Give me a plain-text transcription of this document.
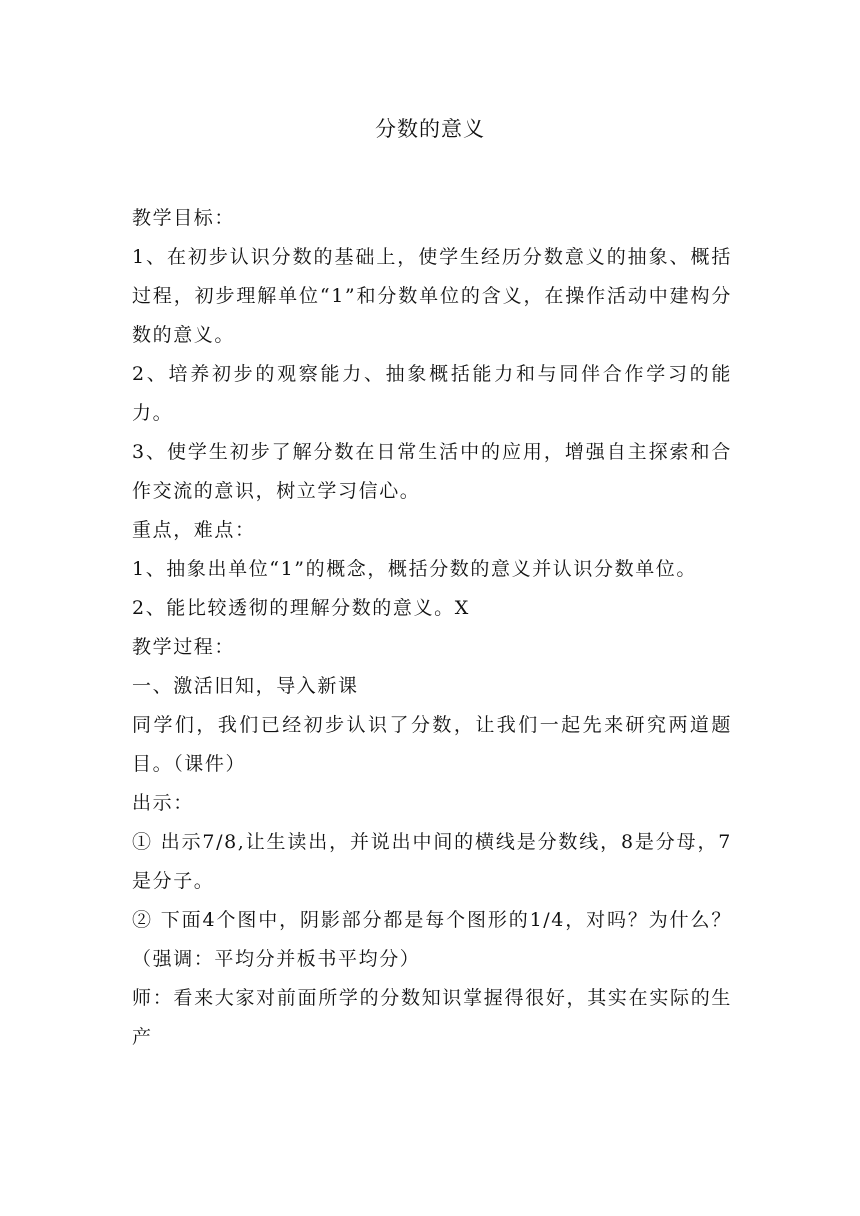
分数的意义

教学目标：

1、在初步认识分数的基础上，使学生经历分数意义的抽象、概括过程，初步理解单位“1”和分数单位的含义，在操作活动中建构分数的意义。

2、培养初步的观察能力、抽象概括能力和与同伴合作学习的能力。

3、使学生初步了解分数在日常生活中的应用，增强自主探索和合作交流的意识，树立学习信心。

重点，难点：

1、抽象出单位“1”的概念，概括分数的意义并认识分数单位。

2、能比较透彻的理解分数的意义。X

教学过程：

一、激活旧知，导入新课

同学们，我们已经初步认识了分数，让我们一起先来研究两道题目。（课件）

出示：

① 出示7/8,让生读出，并说出中间的横线是分数线，8是分母，7是分子。

② 下面4个图中，阴影部分都是每个图形的1/4，对吗？为什么？（强调：平均分并板书平均分）

师：看来大家对前面所学的分数知识掌握得很好，其实在实际的生产
